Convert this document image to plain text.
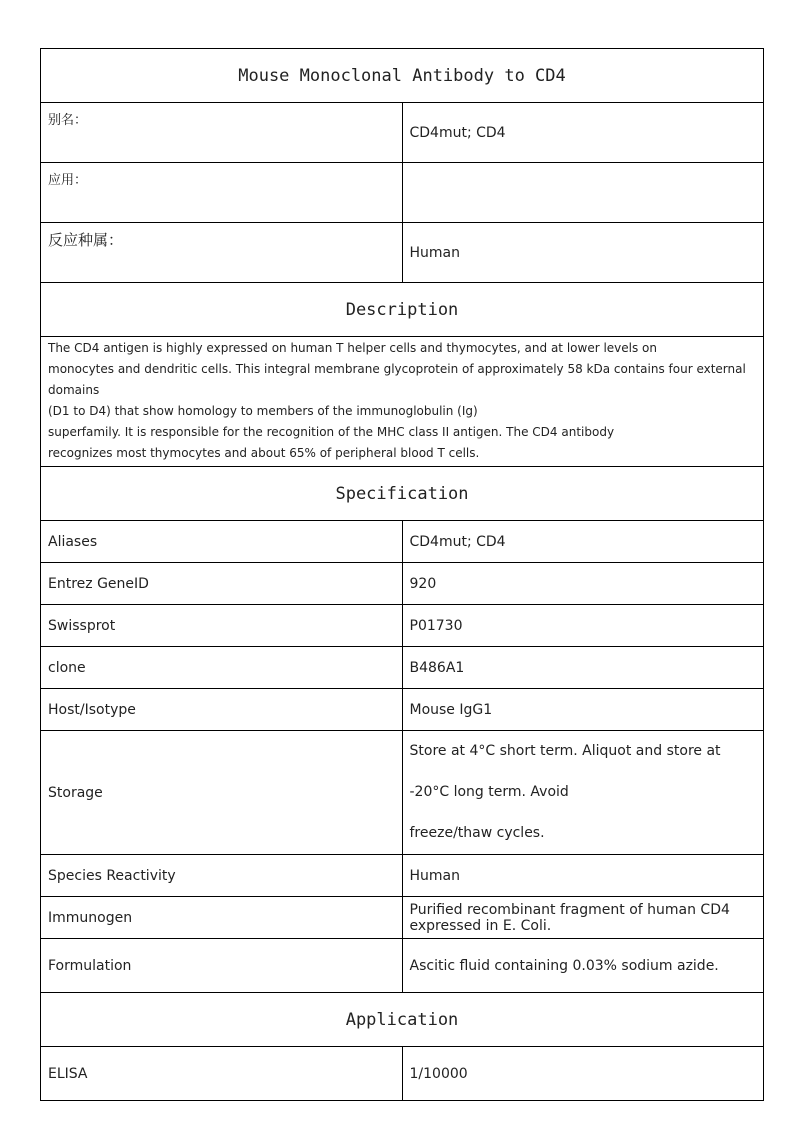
Mouse Monoclonal Antibody to CD4	
别名：	CD4mut; CD4
应用：	
反应种属：	Human
Description	

The CD4 antigen is highly expressed on human T helper cells and thymocytes, and at lower levels on

monocytes and dendritic cells. This integral membrane glycoprotein of approximately 58 kDa contains four external domains

(D1 to D4) that show homology to members of the immunoglobulin (Ig)

superfamily. It is responsible for the recognition of the MHC class II antigen. The CD4 antibody

recognizes most thymocytes and about 65% of peripheral blood T cells.	

Specification	
Aliases	CD4mut; CD4
Entrez GeneID	920
Swissprot	P01730
clone	B486A1
Host/Isotype	Mouse IgG1
Storage	Store at 4°C short term. Aliquot and store at -20°C long term. Avoid
freeze/thaw cycles.

Species Reactivity	Human
Immunogen	Purified recombinant fragment of human CD4 expressed in E. Coli.
Formulation	Ascitic fluid containing 0.03% sodium azide.
Application	
ELISA	1/10000
